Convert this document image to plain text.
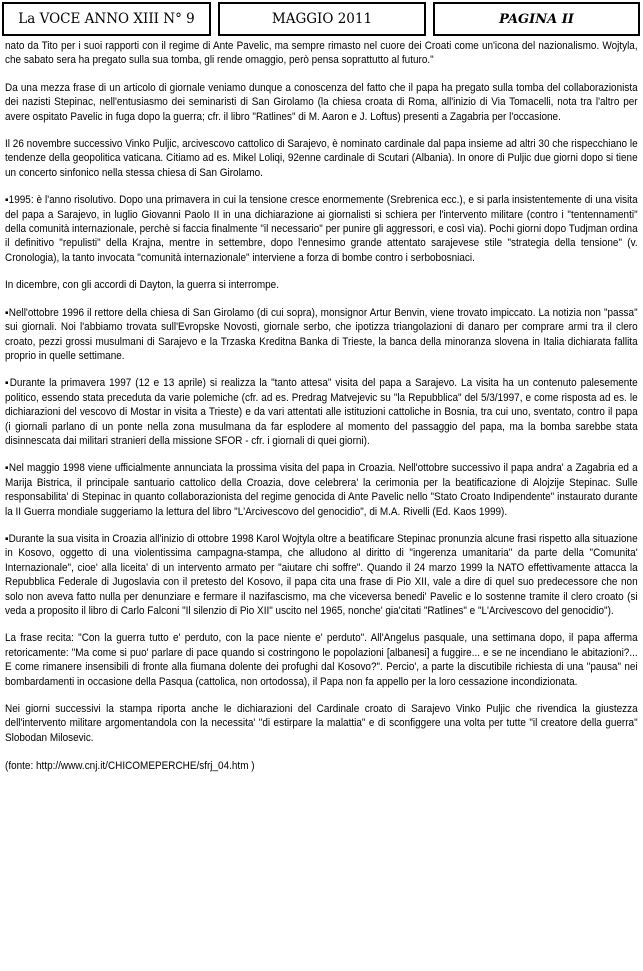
La VOCE ANNO XIII N° 9	MAGGIO 2011	PAGINA II

nato da Tito per i suoi rapporti con il regime di Ante Pavelic, ma sempre rimasto nel cuore dei Croati come un'icona del nazionalismo. Wojtyla, che sabato sera ha pregato sulla sua tomba, gli rende omaggio, però pensa soprattutto al futuro."

Da una mezza frase di un articolo di giornale veniamo dunque a conoscenza del fatto che il papa ha pregato sulla tomba del collaborazionista dei nazisti Stepinac, nell'entusiasmo dei seminaristi di San Girolamo (la chiesa croata di Roma, all'inizio di Via Tomacelli, nota tra l'altro per avere ospitato Pavelic in fuga dopo la guerra; cfr. il libro "Ratlines" di M. Aaron e J. Loftus) presenti a Zagabria per l'occasione.

Il 26 novembre successivo Vinko Puljic, arcivescovo cattolico di Sarajevo, è nominato cardinale dal papa insieme ad altri 30 che rispecchiano le tendenze della geopolitica vaticana. Citiamo ad es. Mikel Loliqi, 92enne cardinale di Scutari (Albania). In onore di Puljic due giorni dopo si tiene un concerto sinfonico nella stessa chiesa di San Girolamo.

▪1995: è l'anno risolutivo. Dopo una primavera in cui la tensione cresce enormemente (Srebrenica ecc.), e si parla insistentemente di una visita del papa a Sarajevo, in luglio Giovanni Paolo II in una dichiarazione ai giornalisti si schiera per l'intervento militare (contro i "tentennamenti" della comunità internazionale, perchè si faccia finalmente "il necessario" per punire gli aggressori, e così via). Pochi giorni dopo Tudjman ordina il definitivo "repulisti" della Krajna, mentre in settembre, dopo l'ennesimo grande attentato sarajevese stile "strategia della tensione" (v. Cronologia), la tanto invocata "comunità internazionale" interviene a forza di bombe contro i serbobosniaci.

In dicembre, con gli accordi di Dayton, la guerra si interrompe.

▪Nell'ottobre 1996 il rettore della chiesa di San Girolamo (di cui sopra), monsignor Artur Benvin, viene trovato impiccato. La notizia non "passa" sui giornali. Noi l'abbiamo trovata sull'Evropske Novosti, giornale serbo, che ipotizza triangolazioni di danaro per comprare armi tra il clero croato, pezzi grossi musulmani di Sarajevo e la Trzaska Kreditna Banka di Trieste, la banca della minoranza slovena in Italia dichiarata fallita proprio in quelle settimane.

▪Durante la primavera 1997 (12 e 13 aprile) si realizza la "tanto attesa" visita del papa a Sarajevo. La visita ha un contenuto palesemente politico, essendo stata preceduta da varie polemiche (cfr. ad es. Predrag Matvejevic su "la Repubblica" del 5/3/1997, e come risposta ad es. le dichiarazioni del vescovo di Mostar in visita a Trieste) e da vari attentati alle istituzioni cattoliche in Bosnia, tra cui uno, sventato, contro il papa (i giornali parlano di un ponte nella zona musulmana da far esplodere al momento del passaggio del papa, ma la bomba sarebbe stata disinnescata dai militari stranieri della missione SFOR - cfr. i giornali di quei giorni).

▪Nel maggio 1998 viene ufficialmente annunciata la prossima visita del papa in Croazia. Nell'ottobre successivo il papa andra' a Zagabria ed a Marija Bistrica, il principale santuario cattolico della Croazia, dove celebrera' la cerimonia per la beatificazione di Alojzije Stepinac. Sulle responsabilita' di Stepinac in quanto collaborazionista del regime genocida di Ante Pavelic nello "Stato Croato Indipendente" instaurato durante la II Guerra mondiale suggeriamo la lettura del libro "L'Arcivescovo del genocidio", di M.A. Rivelli (Ed. Kaos 1999).

▪Durante la sua visita in Croazia all'inizio di ottobre 1998 Karol Wojtyla oltre a beatificare Stepinac pronunzia alcune frasi rispetto alla situazione in Kosovo, oggetto di una violentissima campagna-stampa, che alludono al diritto di "ingerenza umanitaria" da parte della "Comunita' Internazionale", cioe' alla liceita' di un intervento armato per "aiutare chi soffre". Quando il 24 marzo 1999 la NATO effettivamente attacca la Repubblica Federale di Jugoslavia con il pretesto del Kosovo, il papa cita una frase di Pio XII, vale a dire di quel suo predecessore che non solo non aveva fatto nulla per denunziare e fermare il nazifascismo, ma che viceversa benedi' Pavelic e lo sostenne tramite il clero croato (si veda a proposito il libro di Carlo Falconi "Il silenzio di Pio XII" uscito nel 1965, nonche' gia'citati "Ratlines" e "L'Arcivescovo del genocidio").

La frase recita: "Con la guerra tutto e' perduto, con la pace niente e' perduto". All'Angelus pasquale, una settimana dopo, il papa afferma retoricamente: "Ma come si puo' parlare di pace quando si costringono le popolazioni [albanesi] a fuggire... e se ne incendiano le abitazioni?... E come rimanere insensibili di fronte alla fiumana dolente dei profughi dal Kosovo?". Percio', a parte la discutibile richiesta di una "pausa" nei bombardamenti in occasione della Pasqua (cattolica, non ortodossa), il Papa non fa appello per la loro cessazione incondizionata.

Nei giorni successivi la stampa riporta anche le dichiarazioni del Cardinale croato di Sarajevo Vinko Puljic che rivendica la giustezza dell'intervento militare argomentandola con la necessita' "di estirpare la malattia" e di sconfiggere una volta per tutte "il creatore della guerra" Slobodan Milosevic.

(fonte: http://www.cnj.it/CHICOMEPERCHE/sfrj_04.htm )
